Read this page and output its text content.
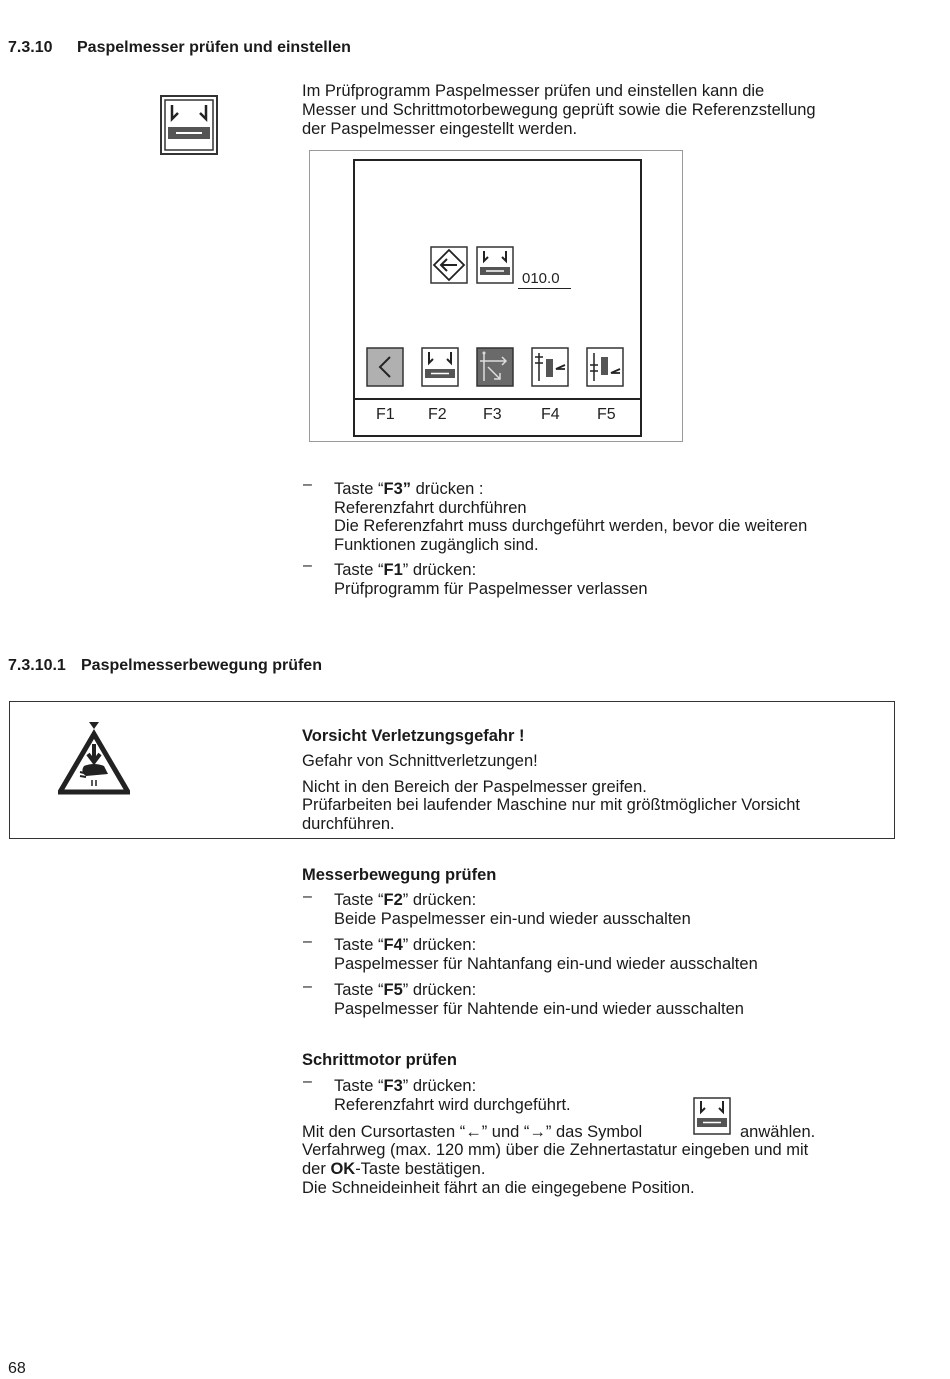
7.3.10 Paspelmesser prüfen und einstellen
Im Prüfprogramm Paspelmesser prüfen und einstellen kann die
Messer und Schrittmotorbewegung geprüft sowie die Referenzstellung
der Paspelmesser eingestellt werden.
010.0
F1 F2 F3 F4 F5
– Taste “F3” drücken :
Referenzfahrt durchführen
Die Referenzfahrt muss durchgeführt werden, bevor die weiteren
Funktionen zugänglich sind.
– Taste “F1” drücken:
Prüfprogramm für Paspelmesser verlassen
7.3.10.1 Paspelmesserbewegung prüfen
Vorsicht Verletzungsgefahr !
Gefahr von Schnittverletzungen!
Nicht in den Bereich der Paspelmesser greifen.
Prüfarbeiten bei laufender Maschine nur mit größtmöglicher Vorsicht
durchführen.
Messerbewegung prüfen
– Taste “F2” drücken:
Beide Paspelmesser ein-und wieder ausschalten
– Taste “F4” drücken:
Paspelmesser für Nahtanfang ein-und wieder ausschalten
– Taste “F5” drücken:
Paspelmesser für Nahtende ein-und wieder ausschalten
Schrittmotor prüfen
– Taste “F3” drücken:
Referenzfahrt wird durchgeführt.
Mit den Cursortasten “←” und “→” das Symbol	anwählen.
Verfahrweg (max. 120 mm) über die Zehnertastatur eingeben und mit
der OK-Taste bestätigen.
Die Schneideinheit fährt an die eingegebene Position.
68
